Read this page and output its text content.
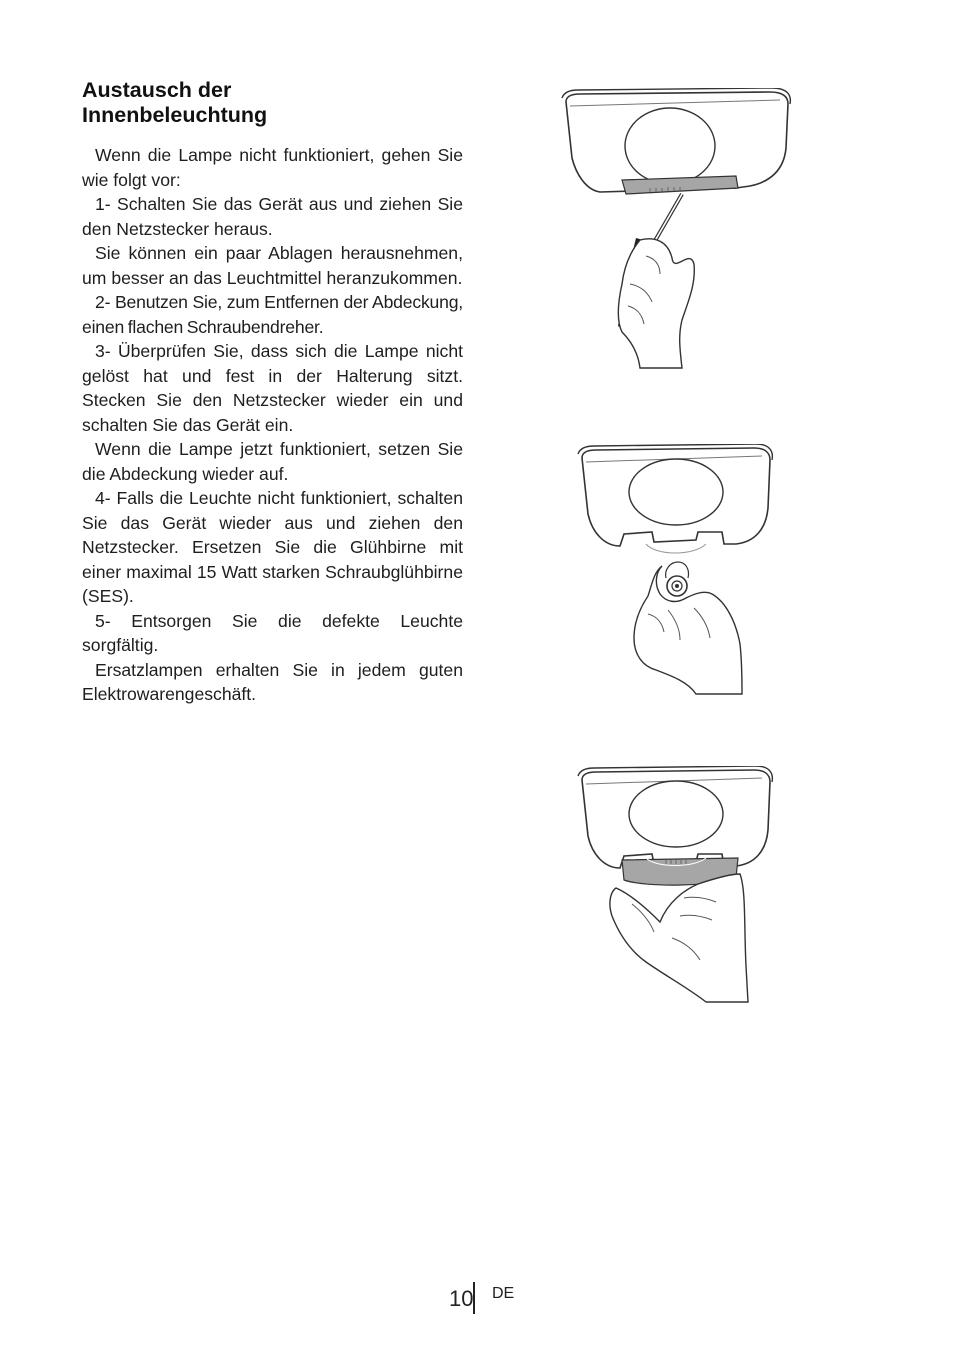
Austausch der
Innenbeleuchtung

Wenn die Lampe nicht funktioniert, gehen Sie wie folgt vor:

1- Schalten Sie das Gerät aus und ziehen Sie den Netzstecker heraus.

Sie können ein paar Ablagen herausnehmen, um besser an das Leuchtmittel heranzukommen.

2- Benutzen Sie, zum Entfernen der Abdeckung, einen flachen Schraubendreher.

3- Überprüfen Sie, dass sich die Lampe nicht gelöst hat und fest in der Halterung sitzt. Stecken Sie den Netzstecker wieder ein und schalten Sie das Gerät ein.

Wenn die Lampe jetzt funktioniert, setzen Sie die Abdeckung wieder auf.

4- Falls die Leuchte nicht funktioniert, schalten Sie das Gerät wieder aus und ziehen den Netzstecker. Ersetzen Sie die Glühbirne mit einer maximal 15 Watt starken Schraubglühbirne (SES).

5- Entsorgen Sie die defekte Leuchte sorgfältig.

Ersatzlampen erhalten Sie in jedem guten Elektrowarengeschäft.

10 DE
